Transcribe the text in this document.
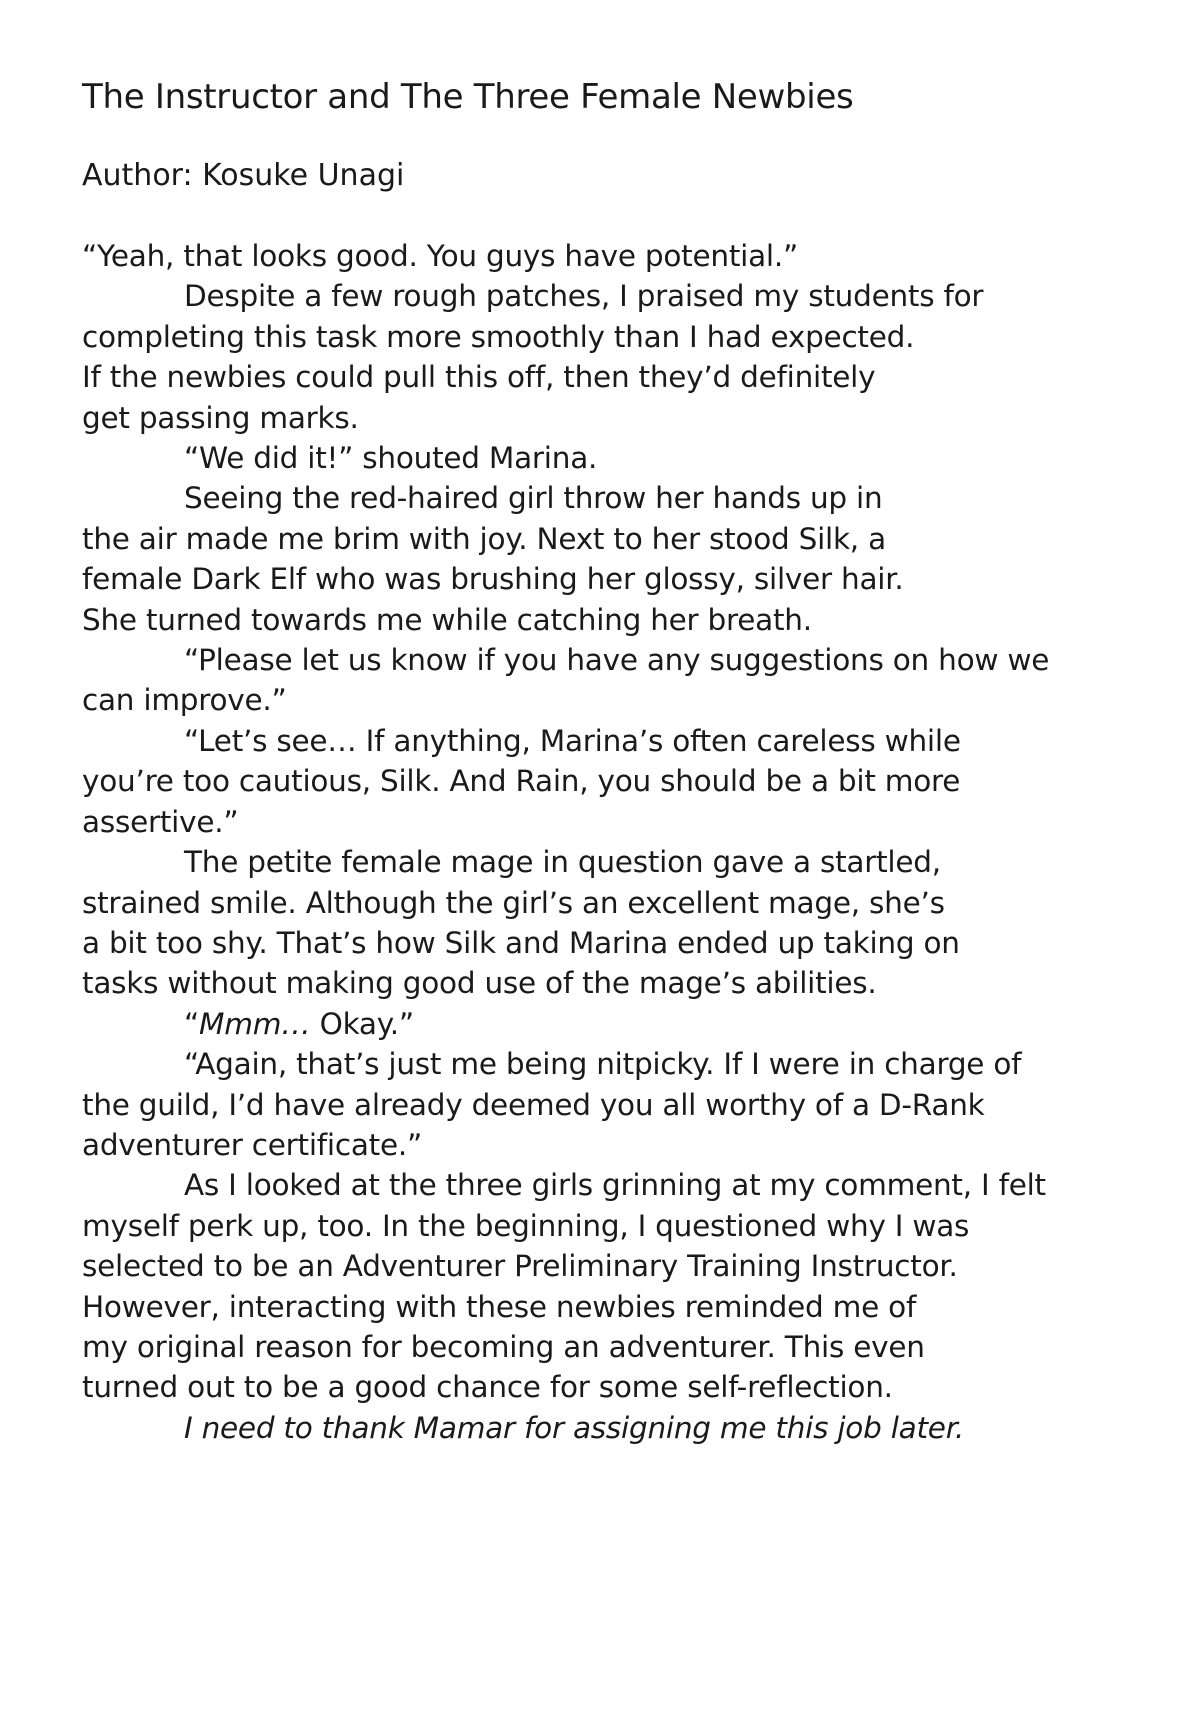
The Instructor and The Three Female Newbies
Author: Kosuke Unagi
“Yeah, that looks good. You guys have potential.”
Despite a few rough patches, I praised my students for
completing this task more smoothly than I had expected.
If the newbies could pull this off, then they’d definitely
get passing marks.
“We did it!” shouted Marina.
Seeing the red-haired girl throw her hands up in
the air made me brim with joy. Next to her stood Silk, a
female Dark Elf who was brushing her glossy, silver hair.
She turned towards me while catching her breath.
“Please let us know if you have any suggestions on how we
can improve.”
“Let’s see… If anything, Marina’s often careless while
you’re too cautious, Silk. And Rain, you should be a bit more
assertive.”
The petite female mage in question gave a startled,
strained smile. Although the girl’s an excellent mage, she’s
a bit too shy. That’s how Silk and Marina ended up taking on
tasks without making good use of the mage’s abilities.
“Mmm… Okay.”
“Again, that’s just me being nitpicky. If I were in charge of
the guild, I’d have already deemed you all worthy of a D-Rank
adventurer certificate.”
As I looked at the three girls grinning at my comment, I felt
myself perk up, too. In the beginning, I questioned why I was
selected to be an Adventurer Preliminary Training Instructor.
However, interacting with these newbies reminded me of
my original reason for becoming an adventurer. This even
turned out to be a good chance for some self-reflection.
I need to thank Mamar for assigning me this job later.
